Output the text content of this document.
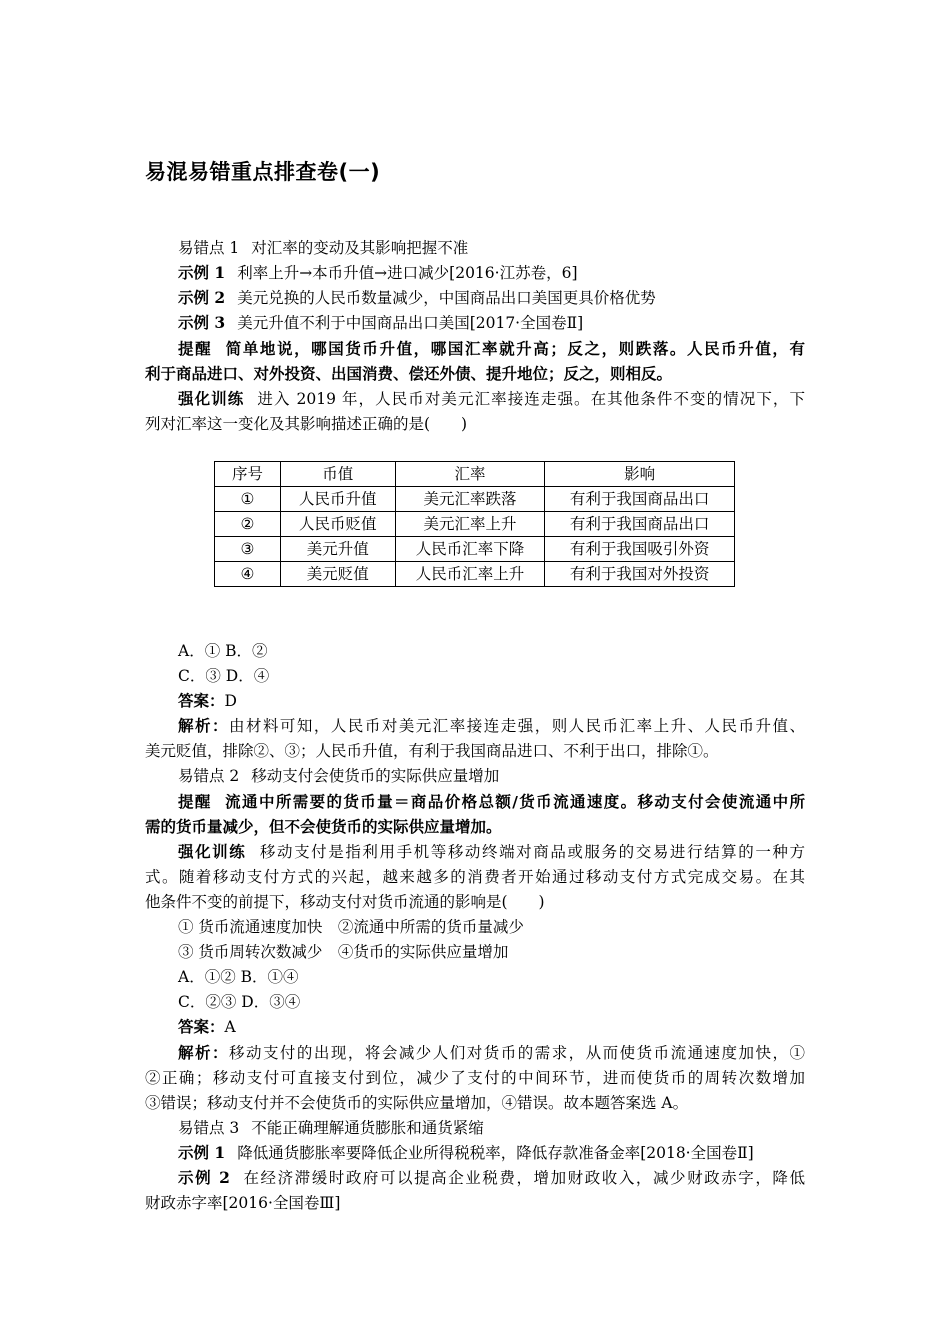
易混易错重点排查卷(一)
易错点 1 对汇率的变动及其影响把握不准
示例 1 利率上升→本币升值→进口减少[2016·江苏卷，6]
示例 2 美元兑换的人民币数量减少，中国商品出口美国更具价格优势
示例 3 美元升值不利于中国商品出口美国[2017·全国卷Ⅱ]
提醒 简单地说，哪国货币升值，哪国汇率就升高；反之，则跌落。人民币升值，有
利于商品进口、对外投资、出国消费、偿还外债、提升地位；反之，则相反。
强化训练 进入 2019 年，人民币对美元汇率接连走强。在其他条件不变的情况下，下
列对汇率这一变化及其影响描述正确的是(　　)
序号	币值	汇率	影响
①	人民币升值	美元汇率跌落	有利于我国商品出口
②	人民币贬值	美元汇率上升	有利于我国商品出口
③	美元升值	人民币汇率下降	有利于我国吸引外资
④	美元贬值	人民币汇率上升	有利于我国对外投资
A．① B．②
C．③ D．④
答案：D
解析：由材料可知，人民币对美元汇率接连走强，则人民币汇率上升、人民币升值、
美元贬值，排除②、③；人民币升值，有利于我国商品进口、不利于出口，排除①。
易错点 2 移动支付会使货币的实际供应量增加
提醒 流通中所需要的货币量＝商品价格总额/货币流通速度。移动支付会使流通中所
需的货币量减少，但不会使货币的实际供应量增加。
强化训练 移动支付是指利用手机等移动终端对商品或服务的交易进行结算的一种方
式。随着移动支付方式的兴起，越来越多的消费者开始通过移动支付方式完成交易。在其
他条件不变的前提下，移动支付对货币流通的影响是(　　)
① 货币流通速度加快　②流通中所需的货币量减少
③ 货币周转次数减少　④货币的实际供应量增加
A．①② B．①④
C．②③ D．③④
答案：A
解析：移动支付的出现，将会减少人们对货币的需求，从而使货币流通速度加快，①
②正确；移动支付可直接支付到位，减少了支付的中间环节，进而使货币的周转次数增加
③错误；移动支付并不会使货币的实际供应量增加，④错误。故本题答案选 A。
易错点 3 不能正确理解通货膨胀和通货紧缩
示例 1 降低通货膨胀率要降低企业所得税税率，降低存款准备金率[2018·全国卷Ⅱ]
示例 2 在经济滞缓时政府可以提高企业税费，增加财政收入，减少财政赤字，降低
财政赤字率[2016·全国卷Ⅲ]
